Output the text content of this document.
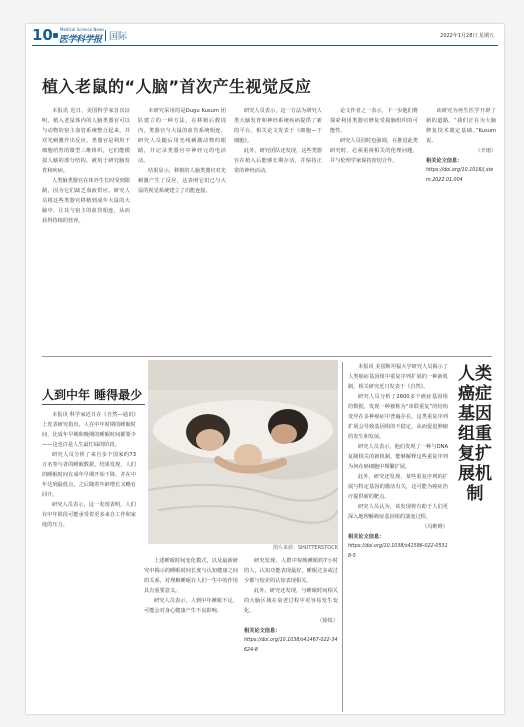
10 Medical Science News
医学科学报 国际	2022年1月28日 星期五
植入老鼠的“人脑”首次产生视觉反应

本报讯 近日，美国科学家首次证明，植入老鼠体内的人脑类器官可以与动物的宿主血管系统整合起来，并对光刺激作出反应。类器官是利用干细胞培育的微型三维组织，它们能模拟人脑的部分结构，被用于研究脑发育和疾病。

人类脑类器官在体外生长时受到限制，因为它们缺乏血液供应。研究人员将这些类器官移植到成年大鼠的大脑中，让其与宿主的血管相连，从而获得持续的营养。

本研究采用的是Dugu Kusum 团队建立的一种方法，在移植后数周内，类器官与大鼠的血管系统相连。研究人员随后用光线刺激动物的眼睛，并记录类器官中神经元的电活动。

结果显示，移植的人脑类器官对光刺激产生了反应，这表明它们已与大鼠的视觉系统建立了功能连接。

研究人员表示，这一方法为研究人类大脑发育和神经系统疾病提供了新的平台。相关论文发表于《细胞—干细胞》。

此外，研究团队还发现，这些类器官在植入后能够长期存活，并保持正常的神经活动。

论文作者之一表示，下一步他们将探索利用类器官修复受损脑组织的可能性。

研究人员同时也强调，在推进此类研究时，必须重视相关的伦理问题，并与伦理学家保持密切合作。

该研究为再生医学开辟了新的道路。“我们正在为大脑修复技术奠定基础。”Kusum说。

（辛雨）
相关论文信息：
https://doi.org/10.1016/j.stem.2022.01.004
人到中年 睡得最少
图片来源：SHUTTERSTOCK

本报讯 科学家近日在《自然—通讯》上发表研究指出，人在中年时期的睡眠时间，比成年早期和晚期的睡眠时间都要少——这也许是人生最忙碌的阶段。

研究人员分析了来自多个国家约73万名参与者的睡眠数据，结果发现，人们的睡眠时间在成年早期开始下降，并在中年达到最低点，之后随着年龄增长又略有回升。

研究人员表示，这一发现表明，人们在中年阶段可能承受着更多来自工作和家庭的压力。

上述睡眠时间变化模式，以及最新研究中揭示的睡眠时间长度与认知健康之间的关系，对理解睡眠在人们一生中的作用具有重要意义。

研究人员表示，人到中年睡眠不足，可能会对身心健康产生不良影响。

研究发现，人群中每晚睡眠约7小时的人，认知功能表现最好。睡眠过多或过少都与较差的认知表现相关。

此外，研究还发现，与睡眠时间相关的大脑区域在衰老过程中更容易发生变化。

（徐锐）
相关论文信息：
https://doi.org/10.1038/s41467-022-34624-8

本报讯 美国斯坦福大学研究人员揭示了人类癌症基因组中重复序列扩展的一种新机制。相关研究近日发表于《自然》。

研究人员分析了2600多个癌症基因组的数据，发现一种被称为“串联重复”的结构变异在多种癌症中普遍存在。这类重复序列扩展会导致基因组的不稳定，从而促进肿瘤的发生和发展。

研究人员表示，他们发现了一种与DNA复制相关的新机制，能够解释这些重复序列为何在癌细胞中频繁扩展。

此外，研究还发现，某些重复序列的扩展与特定基因的激活有关，这可能为癌症治疗提供新的靶点。

研究人员认为，该发现将有助于人们更深入地理解癌症基因组的演变过程。

（冯维维）
相关论文信息：
https://doi.org/10.1038/s41586-022-05318-5
人类癌症基因组重复扩展机制
